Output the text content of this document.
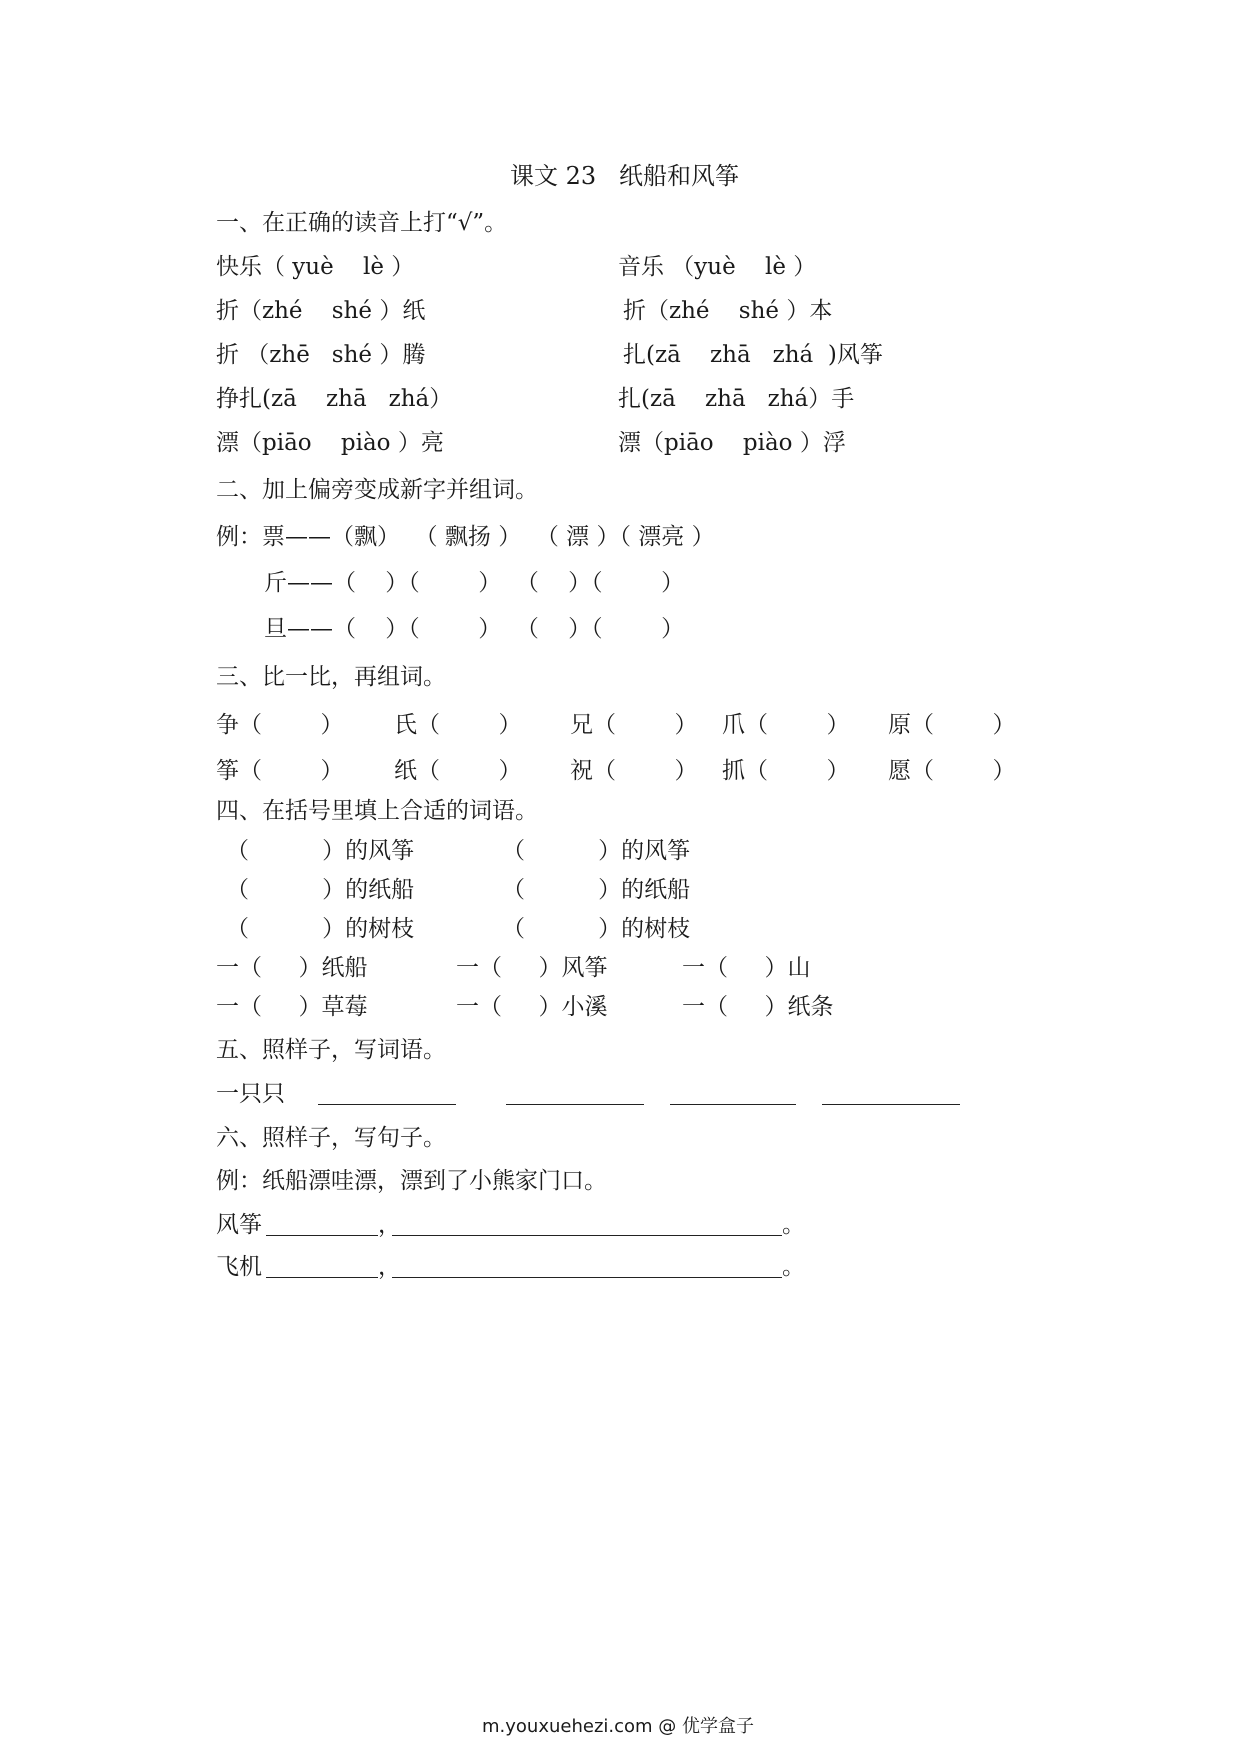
课文 23   纸船和风筝
一、在正确的读音上打“√”。
快乐（ yuè    lè ）	音乐 （yuè    lè ）
折（zhé    shé ）纸	折（zhé    shé ）本
折 （zhē   shé ）腾	扎(zā    zhā   zhá  )风筝
挣扎(zā    zhā   zhá）	扎(zā    zhā   zhá）手
漂（piāo    piào ）亮	漂（piāo    piào ）浮
二、加上偏旁变成新字并组词。
例：票——（飘）  （ 飘扬 ）  （ 漂 ）（ 漂亮 ）
斤——（    ）（        ）  （    ）（        ）
旦——（    ）（        ）  （    ）（        ）
三、比一比，再组词。
争（        ） 氏（        ） 兄（        ） 爪（        ） 原（        ）
筝（        ） 纸（        ） 祝（        ） 抓（        ） 愿（        ）
四、在括号里填上合适的词语。
（          ）的风筝	（          ）的风筝
（          ）的纸船	（          ）的纸船
（          ）的树枝	（          ）的树枝
一（     ）纸船	一（     ）风筝	一（     ）山
一（     ）草莓	一（     ）小溪	一（     ）纸条
五、照样子，写词语。
一只只
六、照样子，写句子。
例：纸船漂哇漂，漂到了小熊家门口。
风筝	，	。
飞机	，	。
m.youxuehezi.com @ 优学盒子
